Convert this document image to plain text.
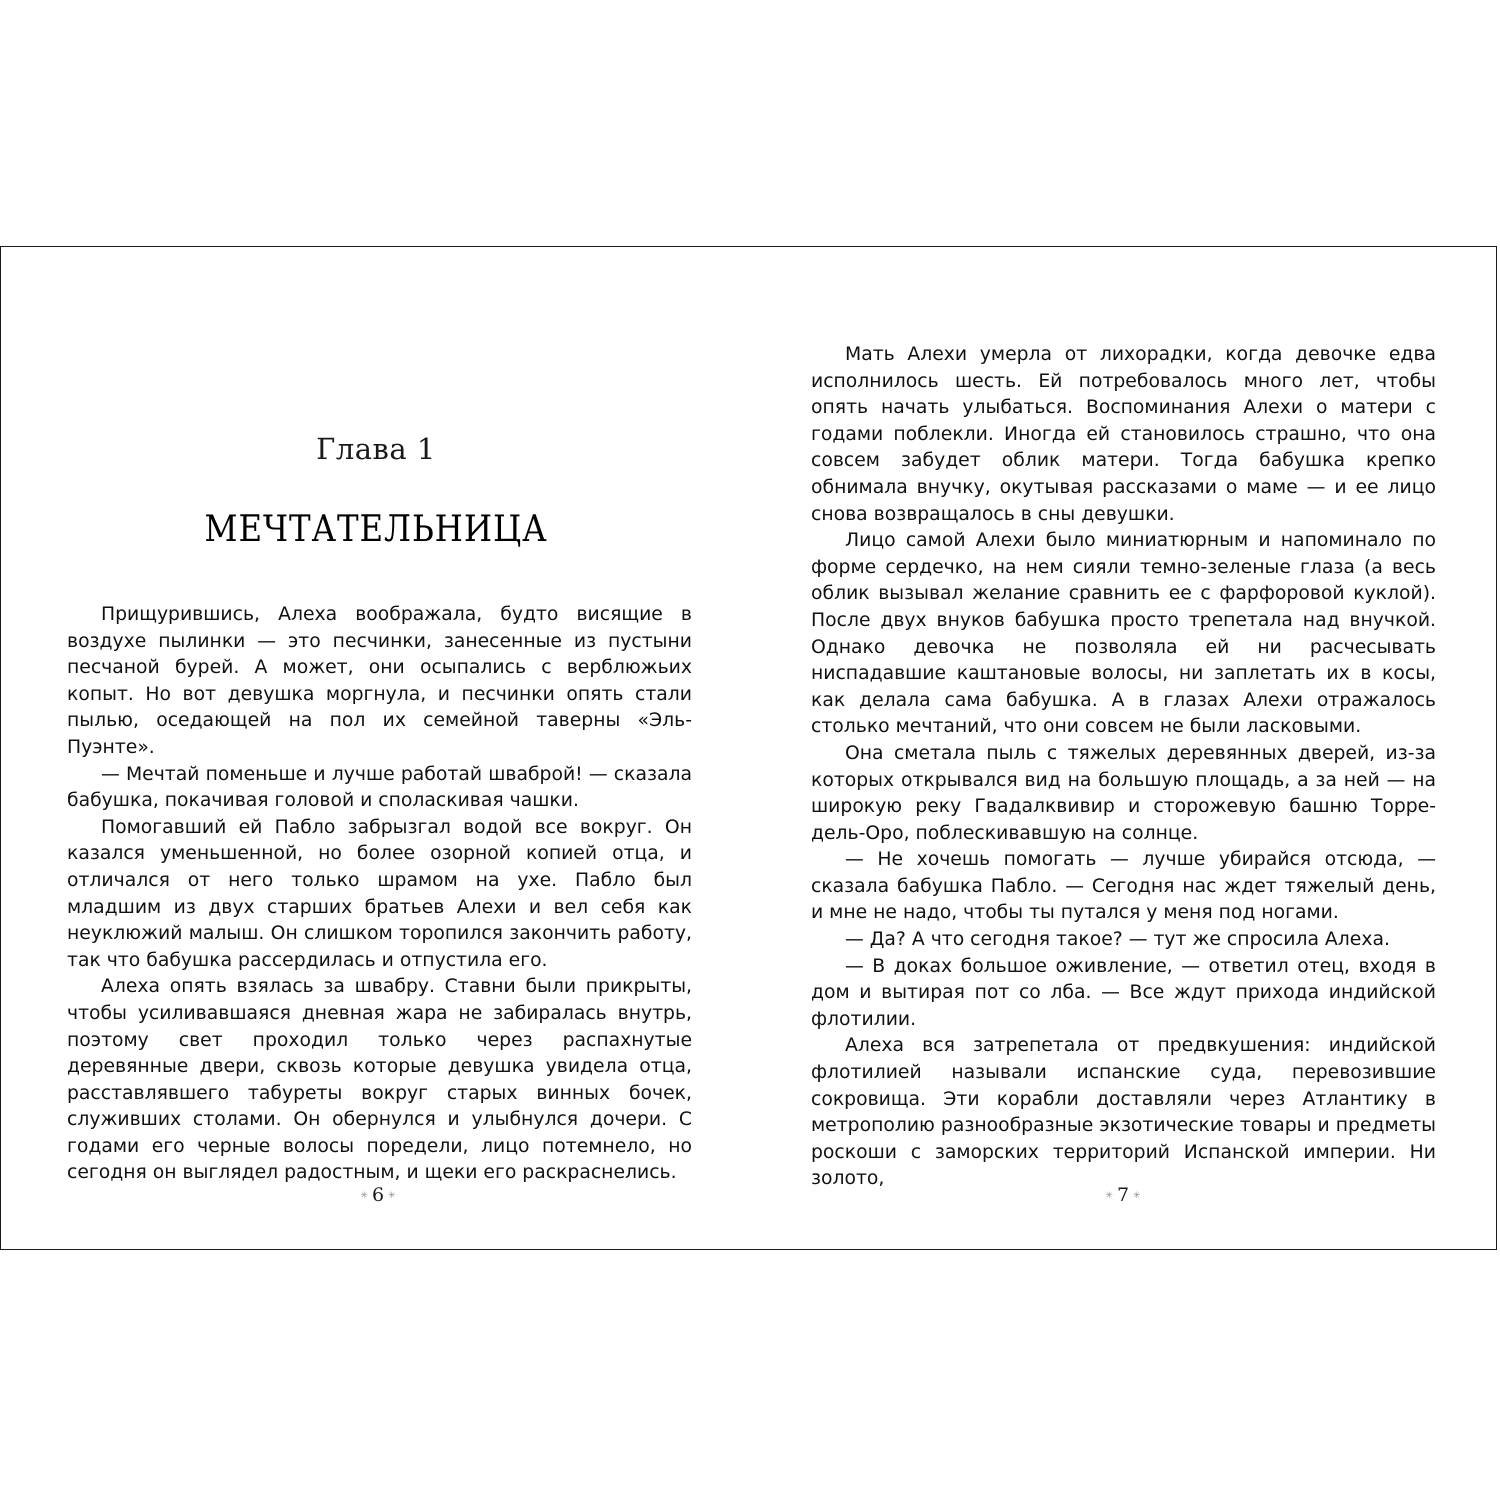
Глава 1
МЕЧТАТЕЛЬНИЦА

Прищурившись, Алеха воображала, будто висящие в воздухе пылинки — это песчинки, занесенные из пустыни песчаной бурей. А может, они осыпались с верблюжьих копыт. Но вот девушка моргнула, и песчинки опять стали пылью, оседающей на пол их семейной таверны «Эль-Пуэнте».

— Мечтай поменьше и лучше работай шваброй! — сказала бабушка, покачивая головой и споласкивая чашки.

Помогавший ей Пабло забрызгал водой все вокруг. Он казался уменьшенной, но более озорной копией отца, и отличался от него только шрамом на ухе. Пабло был младшим из двух старших братьев Алехи и вел себя как неуклюжий малыш. Он слишком торопился закончить работу, так что бабушка рассердилась и отпустила его.

Алеха опять взялась за швабру. Ставни были прикрыты, чтобы усиливавшаяся дневная жара не забиралась внутрь, поэтому свет проходил только через распахнутые деревянные двери, сквозь которые девушка увидела отца, расставлявшего табуреты вокруг старых винных бочек, служивших столами. Он обернулся и улыбнулся дочери. С годами его черные волосы поредели, лицо потемнело, но сегодня он выглядел радостным, и щеки его раскраснелись.

✳ 6 ✳

Мать Алехи умерла от лихорадки, когда девочке едва исполнилось шесть. Ей потребовалось много лет, чтобы опять начать улыбаться. Воспоминания Алехи о матери с годами поблекли. Иногда ей становилось страшно, что она совсем забудет облик матери. Тогда бабушка крепко обнимала внучку, окутывая рассказами о маме — и ее лицо снова возвращалось в сны девушки.

Лицо самой Алехи было миниатюрным и напоминало по форме сердечко, на нем сияли темно-зеленые глаза (а весь облик вызывал желание сравнить ее с фарфоровой куклой). После двух внуков бабушка просто трепетала над внучкой. Однако девочка не позволяла ей ни расчесывать ниспадавшие каштановые волосы, ни заплетать их в косы, как делала сама бабушка. А в глазах Алехи отражалось столько мечтаний, что они совсем не были ласковыми.

Она сметала пыль с тяжелых деревянных дверей, из-за которых открывался вид на большую площадь, а за ней — на широкую реку Гвадалквивир и сторожевую башню Торре-дель-Оро, поблескивавшую на солнце.

— Не хочешь помогать — лучше убирайся отсюда, — сказала бабушка Пабло. — Сегодня нас ждет тяжелый день, и мне не надо, чтобы ты путался у меня под ногами.

— Да? А что сегодня такое? — тут же спросила Алеха.

— В доках большое оживление, — ответил отец, входя в дом и вытирая пот со лба. — Все ждут прихода индийской флотилии.

Алеха вся затрепетала от предвкушения: индийской флотилией называли испанские суда, перевозившие сокровища. Эти корабли доставляли через Атлантику в метрополию разнообразные экзотические товары и предметы роскоши с заморских территорий Испанской империи. Ни золото,

✳ 7 ✳
